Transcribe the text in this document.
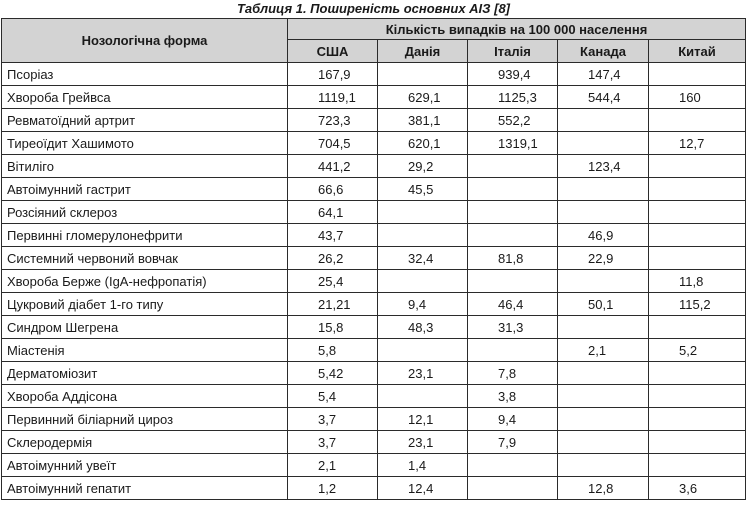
Таблиця 1. Поширеність основних АІЗ [8]
Нозологічна форма	Кількість випадків на 100 000 населення				
	США	Данія	Італія	Канада	Китай
Псоріаз	167,9		939,4	147,4	
Хвороба Грейвса	1119,1	629,1	1125,3	544,4	160
Ревматоїдний артрит	723,3	381,1	552,2		
Тиреоїдит Хашимото	704,5	620,1	1319,1		12,7
Вітиліго	441,2	29,2		123,4	
Автоімунний гастрит	66,6	45,5			
Розсіяний склероз	64,1				
Первинні гломерулонефрити	43,7			46,9	
Системний червоний вовчак	26,2	32,4	81,8	22,9	
Хвороба Берже (IgA-нефропатія)	25,4				11,8
Цукровий діабет 1-го типу	21,21	9,4	46,4	50,1	115,2
Синдром Шегрена	15,8	48,3	31,3		
Міастенія	5,8			2,1	5,2
Дерматоміозит	5,42	23,1	7,8		
Хвороба Аддісона	5,4		3,8		
Первинний біліарний цироз	3,7	12,1	9,4		
Склеродермія	3,7	23,1	7,9		
Автоімунний увеїт	2,1	1,4			
Автоімунний гепатит	1,2	12,4		12,8	3,6
